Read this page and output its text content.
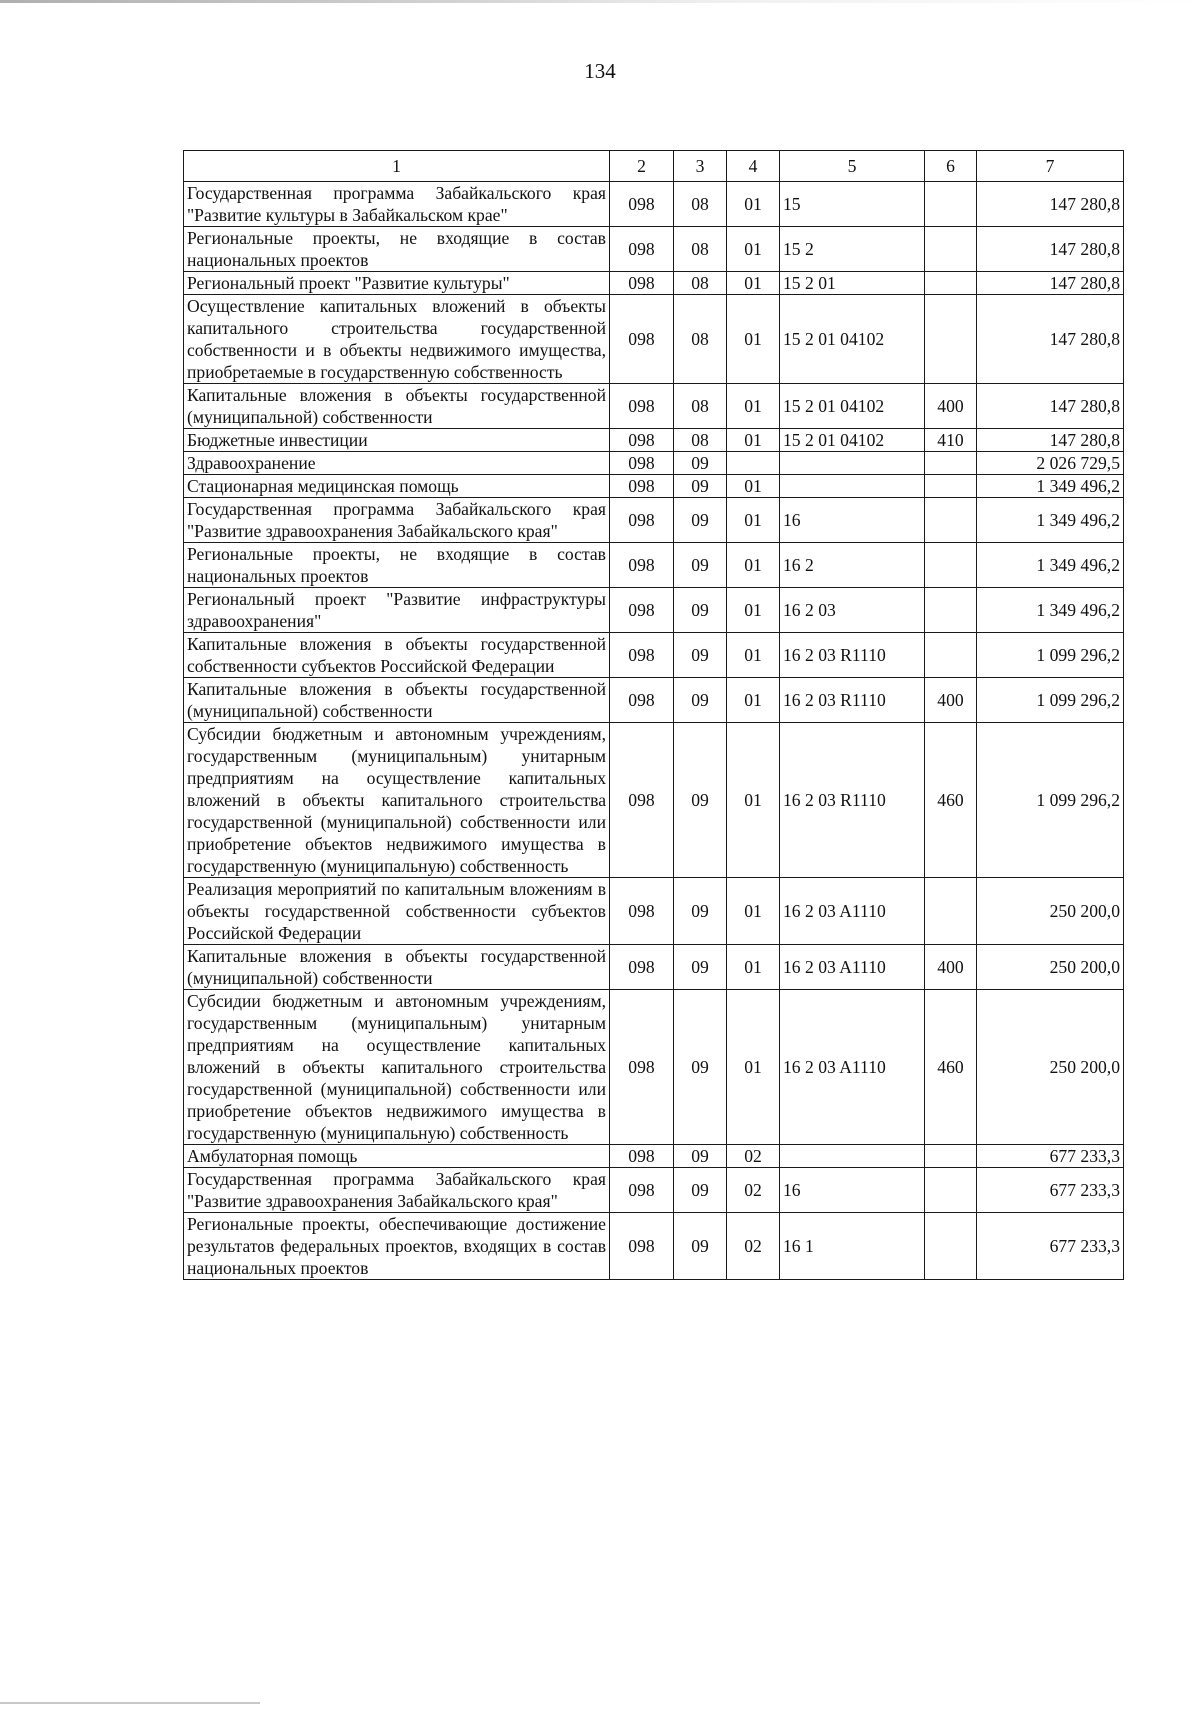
134
1	2	3	4	5	6	7
Государственная программа Забайкальского края "Развитие культуры в Забайкальском крае"	098	08	01	15		147 280,8
Региональные проекты, не входящие в состав национальных проектов	098	08	01	15 2		147 280,8
Региональный проект "Развитие культуры"	098	08	01	15 2 01		147 280,8
Осуществление капитальных вложений в объекты капитального строительства государственной собственности и в объекты недвижимого имущества, приобретаемые в государственную собственность	098	08	01	15 2 01 04102		147 280,8
Капитальные вложения в объекты государственной (муниципальной) собственности	098	08	01	15 2 01 04102	400	147 280,8
Бюджетные инвестиции	098	08	01	15 2 01 04102	410	147 280,8
Здравоохранение	098	09				2 026 729,5
Стационарная медицинская помощь	098	09	01			1 349 496,2
Государственная программа Забайкальского края "Развитие здравоохранения Забайкальского края"	098	09	01	16		1 349 496,2
Региональные проекты, не входящие в состав национальных проектов	098	09	01	16 2		1 349 496,2
Региональный проект "Развитие инфраструктуры здравоохранения"	098	09	01	16 2 03		1 349 496,2
Капитальные вложения в объекты государственной собственности субъектов Российской Федерации	098	09	01	16 2 03 R1110		1 099 296,2
Капитальные вложения в объекты государственной (муниципальной) собственности	098	09	01	16 2 03 R1110	400	1 099 296,2
Субсидии бюджетным и автономным учреждениям, государственным (муниципальным) унитарным предприятиям на осуществление капитальных вложений в объекты капитального строительства государственной (муниципальной) собственности или приобретение объектов недвижимого имущества в государственную (муниципальную) собственность	098	09	01	16 2 03 R1110	460	1 099 296,2
Реализация мероприятий по капитальным вложениям в объекты государственной собственности субъектов Российской Федерации	098	09	01	16 2 03 A1110		250 200,0
Капитальные вложения в объекты государственной (муниципальной) собственности	098	09	01	16 2 03 A1110	400	250 200,0
Субсидии бюджетным и автономным учреждениям, государственным (муниципальным) унитарным предприятиям на осуществление капитальных вложений в объекты капитального строительства государственной (муниципальной) собственности или приобретение объектов недвижимого имущества в государственную (муниципальную) собственность	098	09	01	16 2 03 A1110	460	250 200,0
Амбулаторная помощь	098	09	02			677 233,3
Государственная программа Забайкальского края "Развитие здравоохранения Забайкальского края"	098	09	02	16		677 233,3
Региональные проекты, обеспечивающие достижение результатов федеральных проектов, входящих в состав национальных проектов	098	09	02	16 1		677 233,3
